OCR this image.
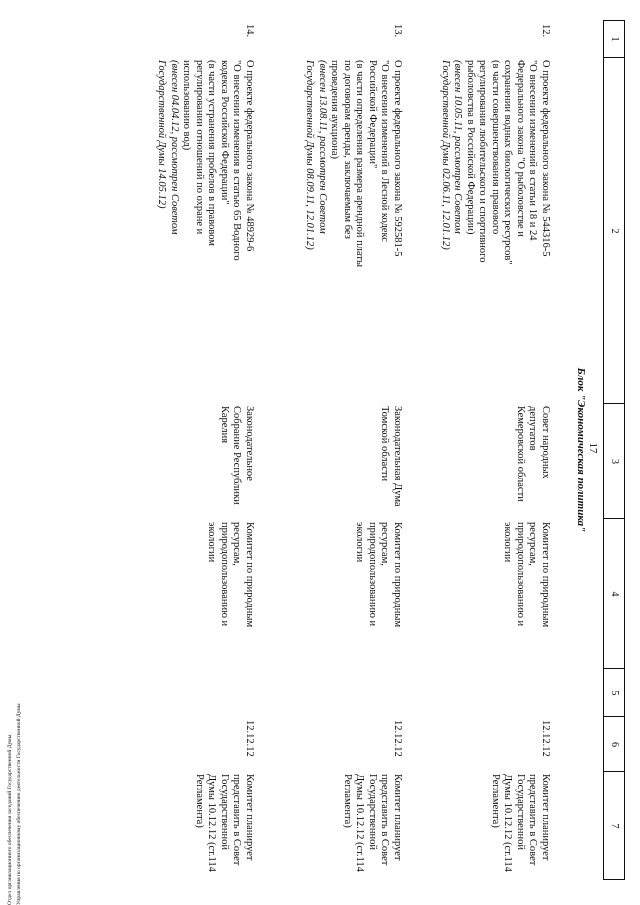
17
1
2
3
4
5
6
7
Блок "Экономическая политика"
12.
О проекте федерального закона № 544316-5
"О внесении изменений в статьи 18 и 24
Федерального закона "О рыболовстве и
сохранении водных биологических ресурсов"
(в части совершенствования правового
регулирования любительского и спортивного
рыболовства в Российской Федерации)
(внесен 10.05.11, рассмотрен Советом
Государственной Думы 02.06.11, 12.01.12)
Совет народных депутатов Кемеровской области
Комитет по природным ресурсам, природопользованию и экологии
12.12.12
Комитет планирует представить в Совет Государственной Думы 10.12.12 (ст.114 Регламента)
13.
О проекте федерального закона № 592581-5
"О внесении изменений в Лесной кодекс
Российской Федерации"
(в части определения размера арендной платы
по договорам аренды, заключаемым без
проведения аукциона)
(внесен 13.08.11, рассмотрен Советом
Государственной Думы 08.09.11, 12.01.12)
Законодательная Дума Томской области
Комитет по природным ресурсам, природопользованию и экологии
12.12.12
Комитет планирует представить в Совет Государственной Думы 10.12.12 (ст.114 Регламента)
14.
О проекте федерального закона № 48929-6
"О внесении изменения в статью 65 Водного
кодекса Российской Федерации"
(в части устранения пробелов в правовом
регулировании отношений по охране и
использованию вод)
(внесен 04.04.12, рассмотрен Советом
Государственной Думы 14.05.12)
Законодательное Собрание Республики Карелия
Комитет по природным ресурсам, природопользованию и экологии
12.12.12
Комитет планирует представить в Совет Государственной Думы 10.12.12 (ст.114 Регламента)
Отдел организационного обеспечения заседаний Государственной Думы Управления по организационному обеспечению деятельности Государственной Думы
